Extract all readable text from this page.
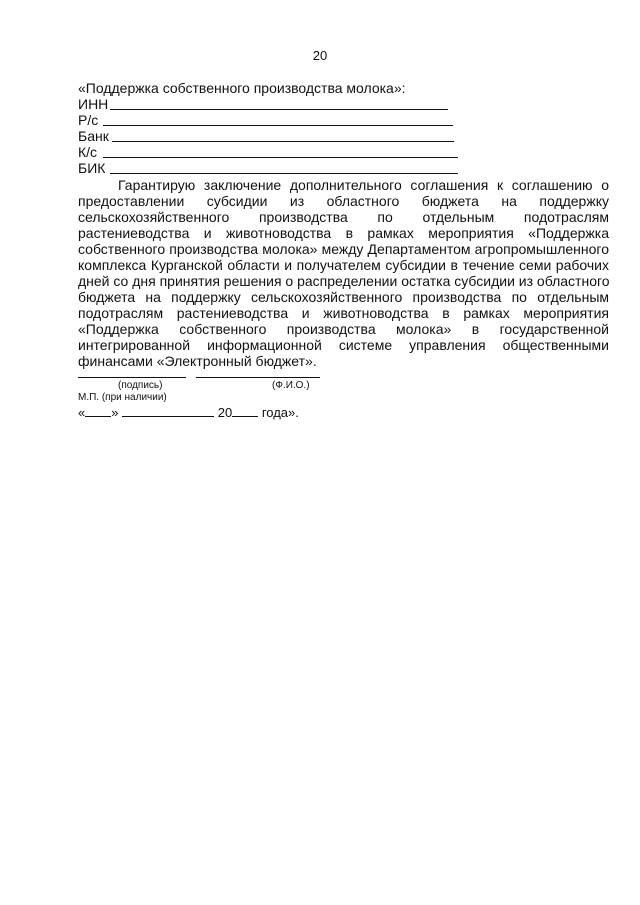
20
«Поддержка собственного производства молока»:
ИНН
Р/с
Банк
К/с
БИК
Гарантирую заключение дополнительного соглашения к соглашению о
предоставлении субсидии из областного бюджета на поддержку
сельскохозяйственного производства по отдельным подотраслям
растениеводства и животноводства в рамках мероприятия «Поддержка
собственного производства молока» между Департаментом агропромышленного
комплекса Курганской области и получателем субсидии в течение семи рабочих
дней со дня принятия решения о распределении остатка субсидии из областного
бюджета на поддержку сельскохозяйственного производства по отдельным
подотраслям растениеводства и животноводства в рамках мероприятия
«Поддержка собственного производства молока» в государственной
интегрированной информационной системе управления общественными
финансами «Электронный бюджет».
(подпись)	(Ф.И.О.)
М.П. (при наличии)
« »	20 года».
